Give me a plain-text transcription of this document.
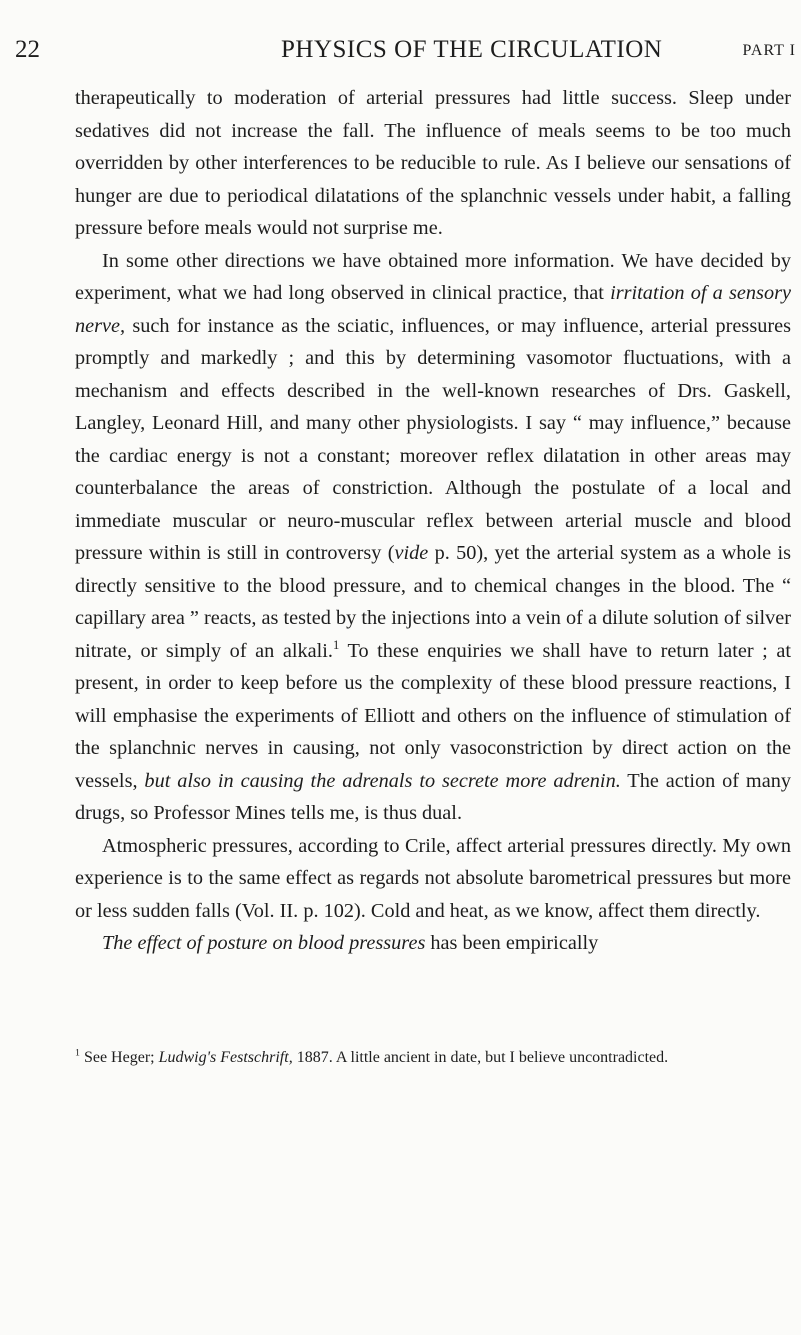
22	PHYSICS OF THE CIRCULATION	PART I

therapeutically to moderation of arterial pressures had little success. Sleep under sedatives did not increase the fall. The influence of meals seems to be too much overridden by other interferences to be reducible to rule. As I believe our sensations of hunger are due to periodical dilatations of the splanchnic vessels under habit, a falling pressure before meals would not surprise me.

In some other directions we have obtained more information. We have decided by experiment, what we had long observed in clinical practice, that irritation of a sensory nerve, such for instance as the sciatic, influences, or may influence, arterial pressures promptly and markedly ; and this by determining vasomotor fluctuations, with a mechanism and effects described in the well-known researches of Drs. Gaskell, Langley, Leonard Hill, and many other physiologists. I say “ may influence,” because the cardiac energy is not a constant; moreover reflex dilatation in other areas may counterbalance the areas of constriction. Although the postulate of a local and immediate muscular or neuro-muscular reflex between arterial muscle and blood pressure within is still in controversy (vide p. 50), yet the arterial system as a whole is directly sensitive to the blood pressure, and to chemical changes in the blood. The “ capillary area ” reacts, as tested by the injections into a vein of a dilute solution of silver nitrate, or simply of an alkali.$^1$ To these enquiries we shall have to return later ; at present, in order to keep before us the complexity of these blood pressure reactions, I will emphasise the experiments of Elliott and others on the influence of stimulation of the splanchnic nerves in causing, not only vasoconstriction by direct action on the vessels, but also in causing the adrenals to secrete more adrenin. The action of many drugs, so Professor Mines tells me, is thus dual.

Atmospheric pressures, according to Crile, affect arterial pressures directly. My own experience is to the same effect as regards not absolute barometrical pressures but more or less sudden falls (Vol. II. p. 102). Cold and heat, as we know, affect them directly.

The effect of posture on blood pressures has been empirically

$^1$ See Heger; Ludwig's Festschrift, 1887. A little ancient in date, but I believe uncontradicted.
